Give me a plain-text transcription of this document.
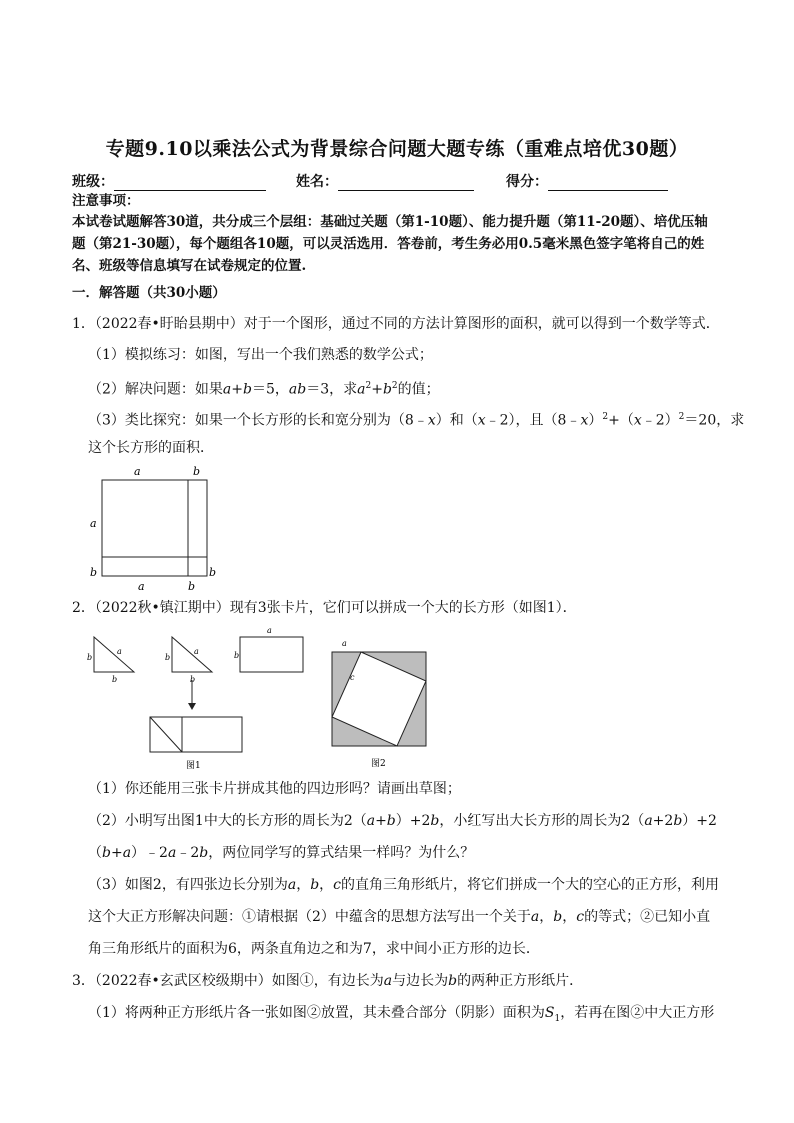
专题9.10以乘法公式为背景综合问题大题专练（重难点培优30题）
班级：	姓名：	得分：
注意事项：
本试卷试题解答30道，共分成三个层组：基础过关题（第1-10题）、能力提升题（第11-20题）、培优压轴
题（第21-30题），每个题组各10题，可以灵活选用．答卷前，考生务必用0.5毫米黑色签字笔将自己的姓
名、班级等信息填写在试卷规定的位置.
一．解答题（共30小题）
1．（2022春•盱眙县期中）对于一个图形，通过不同的方法计算图形的面积，就可以得到一个数学等式．
（1）模拟练习：如图，写出一个我们熟悉的数学公式；
（2）解决问题：如果a+b＝5，ab＝3，求$a^2+b^2$的值；
（3）类比探究：如果一个长方形的长和宽分别为（8﹣x）和（x﹣2），且（8﹣x）$^2$+（x﹣2）$^2$＝20，求
这个长方形的面积．
a	b
a
b
a	b
b
2．（2022秋•镇江期中）现有3张卡片，它们可以拼成一个大的长方形（如图1）．
b
a
b
b
a
b
a
b
图1
a
c
图2
（1）你还能用三张卡片拼成其他的四边形吗？请画出草图；
（2）小明写出图1中大的长方形的周长为2（a+b）+2b，小红写出大长方形的周长为2（a+2b）+2
（b+a）﹣2a﹣2b，两位同学写的算式结果一样吗？为什么？
（3）如图2，有四张边长分别为a，b，c的直角三角形纸片，将它们拼成一个大的空心的正方形，利用
这个大正方形解决问题：①请根据（2）中蕴含的思想方法写出一个关于a，b，c的等式；②已知小直
角三角形纸片的面积为6，两条直角边之和为7，求中间小正方形的边长．
3．（2022春•玄武区校级期中）如图①，有边长为a与边长为b的两种正方形纸片．
（1）将两种正方形纸片各一张如图②放置，其未叠合部分（阴影）面积为$S_1$，若再在图②中大正方形
